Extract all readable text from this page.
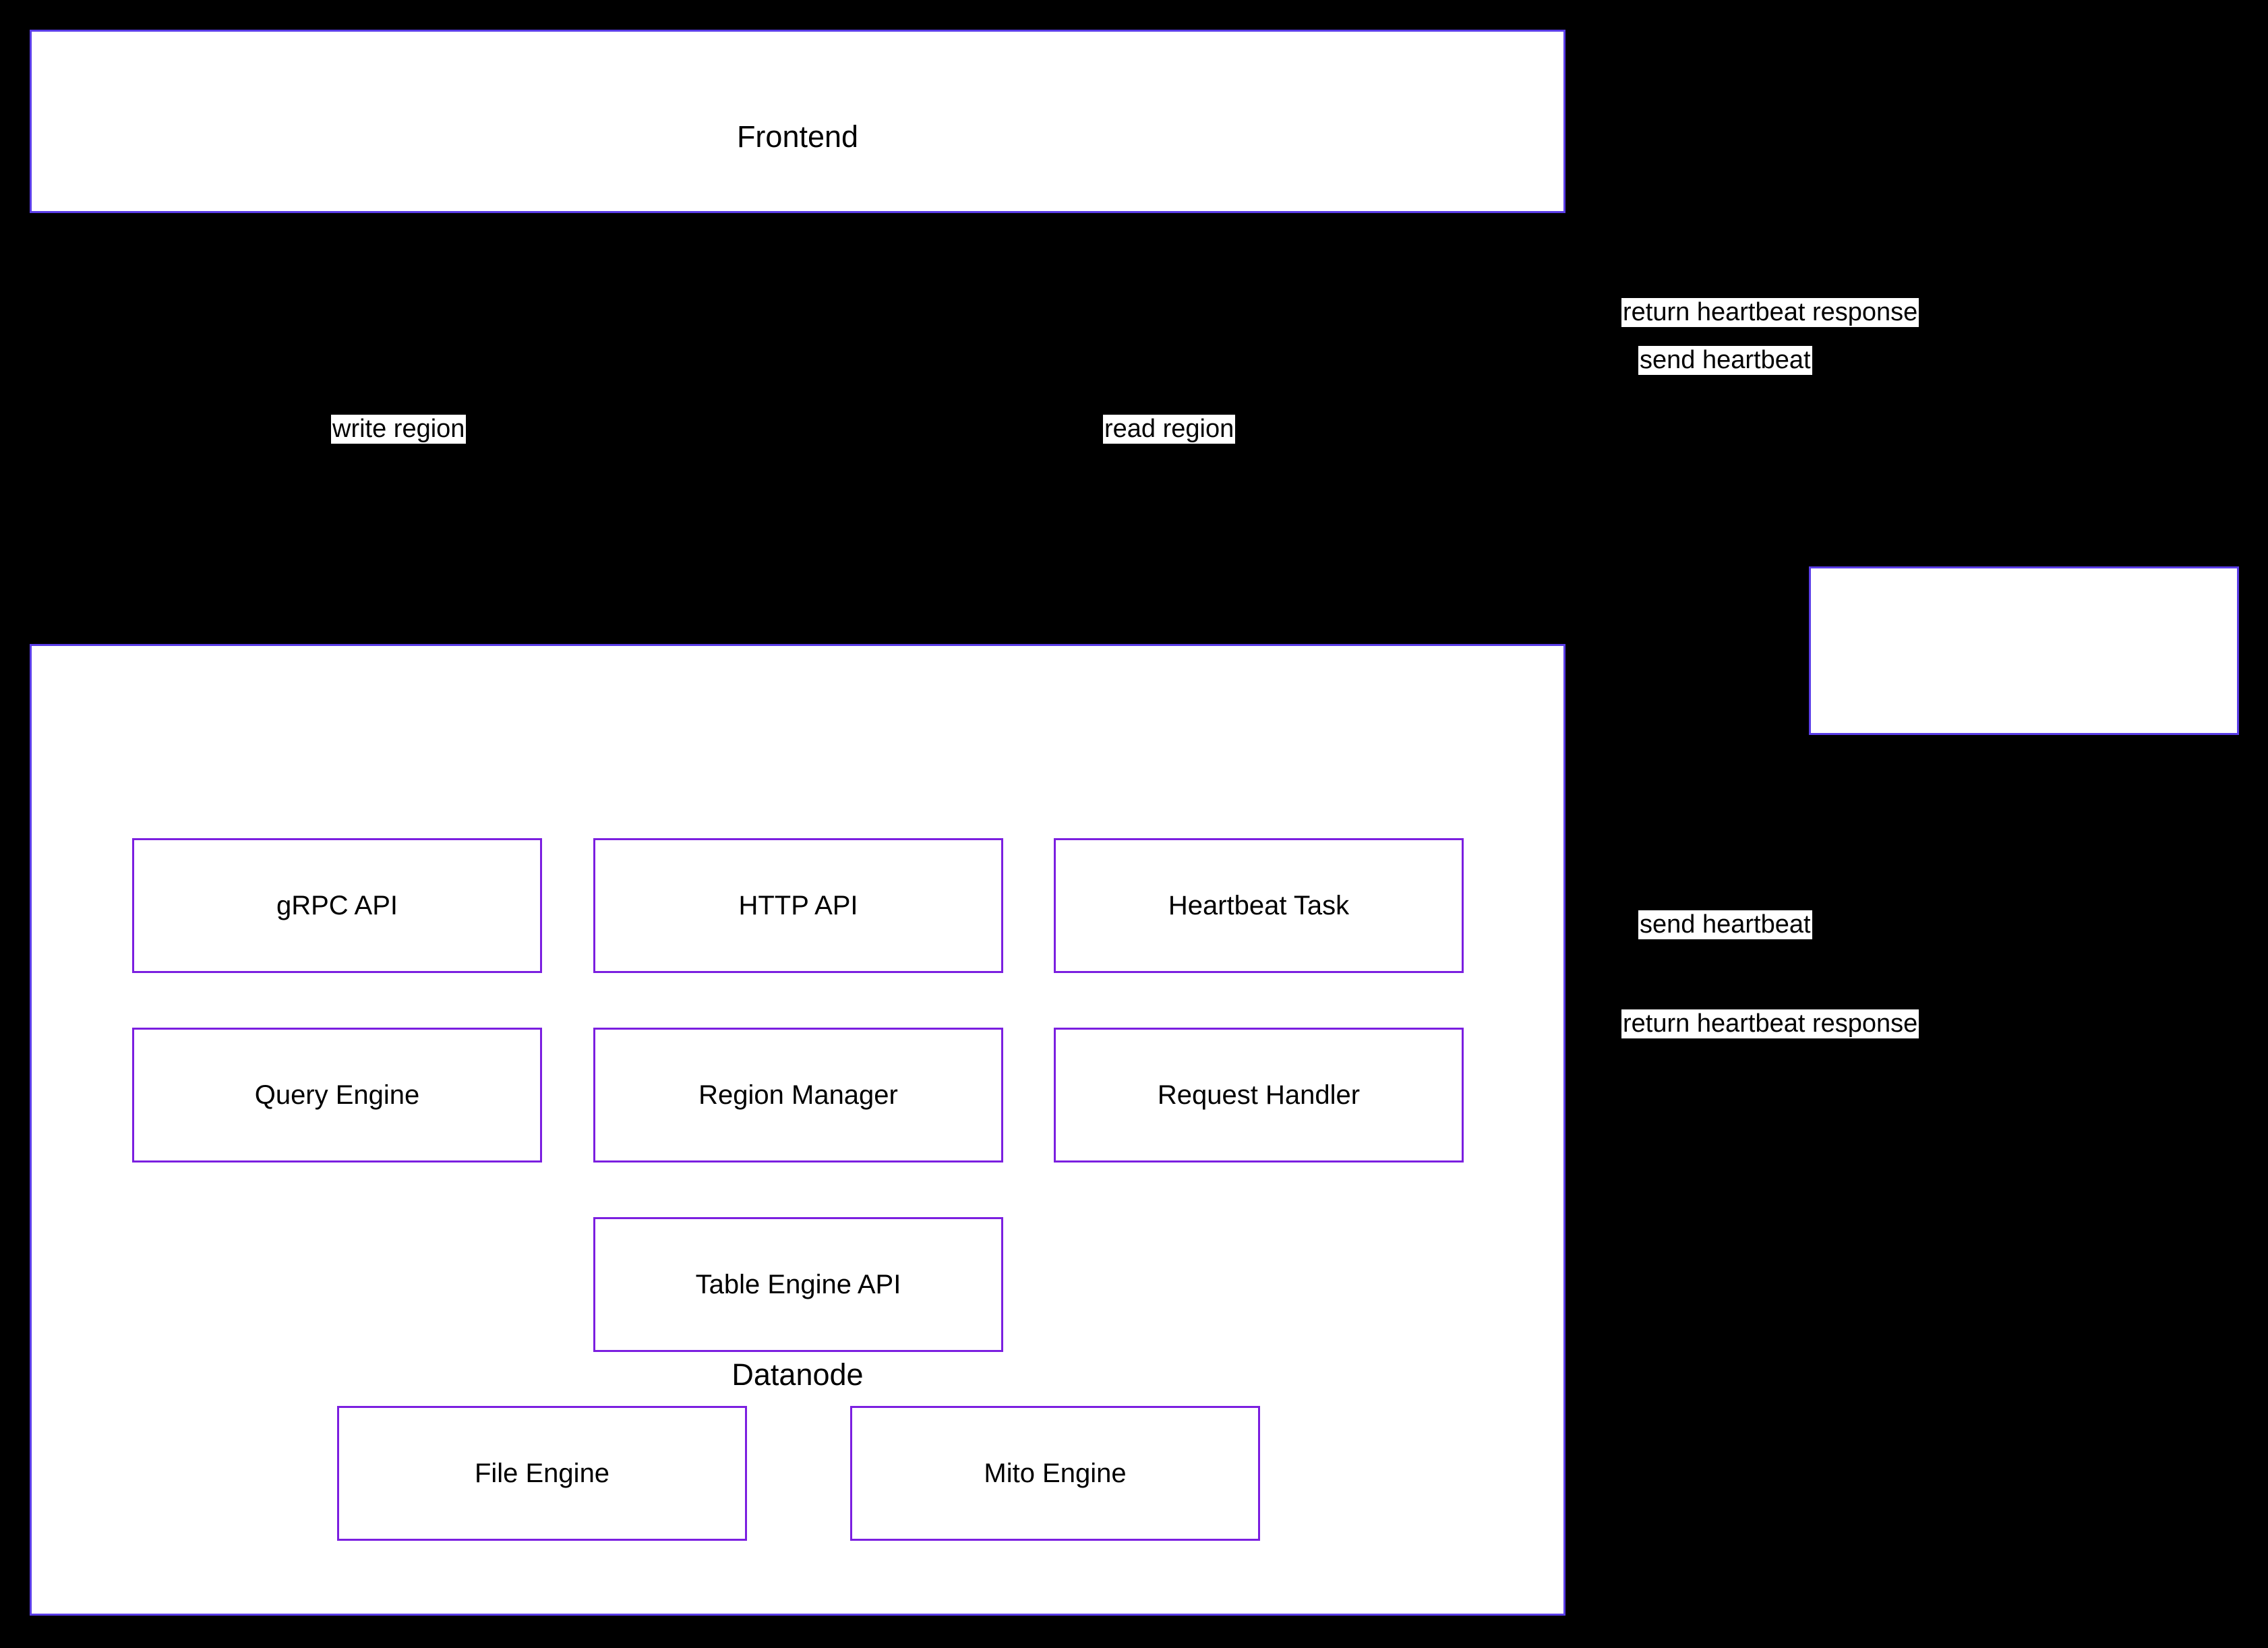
Frontend
Meta server
Datanode
gRPC API	HTTP API	Heartbeat Task
Query Engine	Region Manager	Request Handler
Table Engine API
File Engine	Mito Engine
write region	read region
return heartbeat response
send heartbeat
send heartbeat
return heartbeat response
